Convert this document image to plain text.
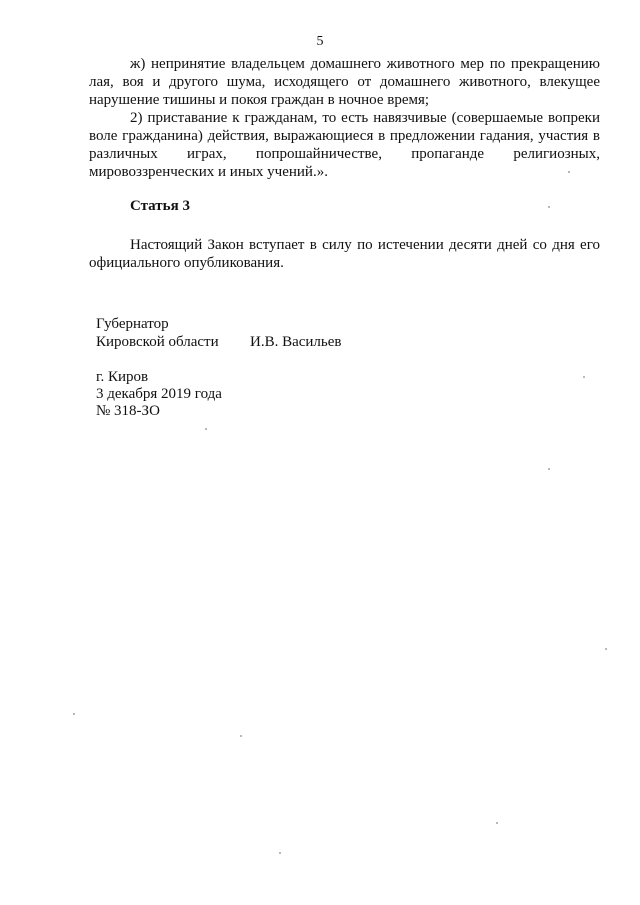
5

ж) непринятие владельцем домашнего животного мер по прекращению лая, воя и другого шума, исходящего от домашнего животного, влекущее нарушение тишины и покоя граждан в ночное время;

2) приставание к гражданам, то есть навязчивые (совершаемые вопреки воле гражданина) действия, выражающиеся в предложении гадания, участия в различных играх, попрошайничестве, пропаганде религиозных, мировоззренческих и иных учений.».

Статья 3

Настоящий Закон вступает в силу по истечении десяти дней со дня его официального опубликования.

Губернатор
Кировской области	И.В. Васильев
г. Киров
3 декабря 2019 года
№ 318-ЗО
